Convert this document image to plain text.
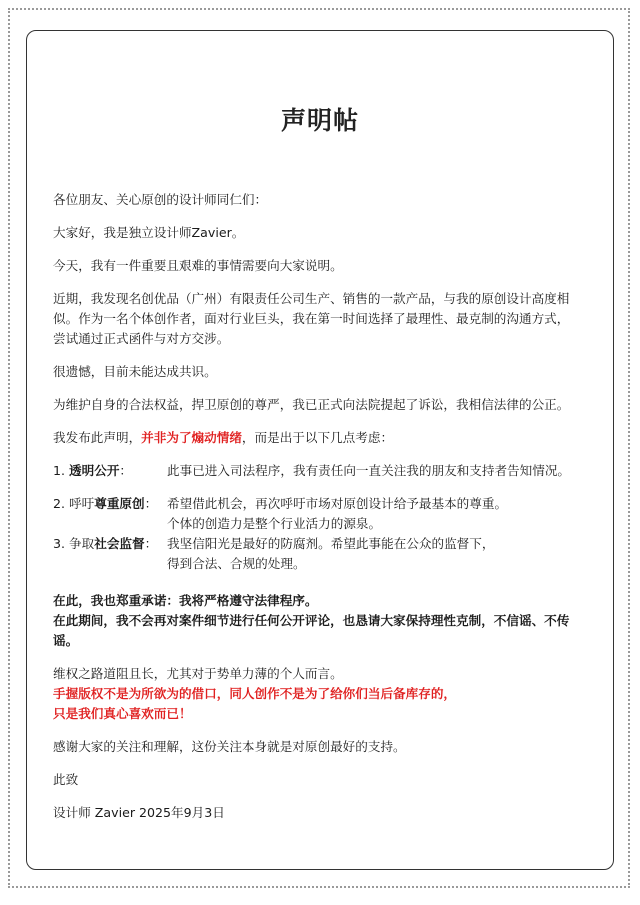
声明帖

各位朋友、关心原创的设计师同仁们：

大家好，我是独立设计师Zavier。

今天，我有一件重要且艰难的事情需要向大家说明。

近期，我发现名创优品（广州）有限责任公司生产、销售的一款产品，与我的原创设计高度相似。作为一名个体创作者，面对行业巨头，我在第一时间选择了最理性、最克制的沟通方式，尝试通过正式函件与对方交涉。

很遗憾，目前未能达成共识。

为维护自身的合法权益，捍卫原创的尊严，我已正式向法院提起了诉讼，我相信法律的公正。

我发布此声明，并非为了煽动情绪，而是出于以下几点考虑：

1. 透明公开：	此事已进入司法程序，我有责任向一直关注我的朋友和支持者告知情况。
2. 呼吁尊重原创： 希望借此机会，再次呼吁市场对原创设计给予最基本的尊重。
个体的创造力是整个行业活力的源泉。
3. 争取社会监督： 我坚信阳光是最好的防腐剂。希望此事能在公众的监督下，
得到合法、合规的处理。

在此，我也郑重承诺：我将严格遵守法律程序。

在此期间，我不会再对案件细节进行任何公开评论，也恳请大家保持理性克制，不信谣、不传谣。

维权之路道阻且长，尤其对于势单力薄的个人而言。

手握版权不是为所欲为的借口，同人创作不是为了给你们当后备库存的，

只是我们真心喜欢而已！

感谢大家的关注和理解，这份关注本身就是对原创最好的支持。

此致

设计师 Zavier 2025年9月3日
